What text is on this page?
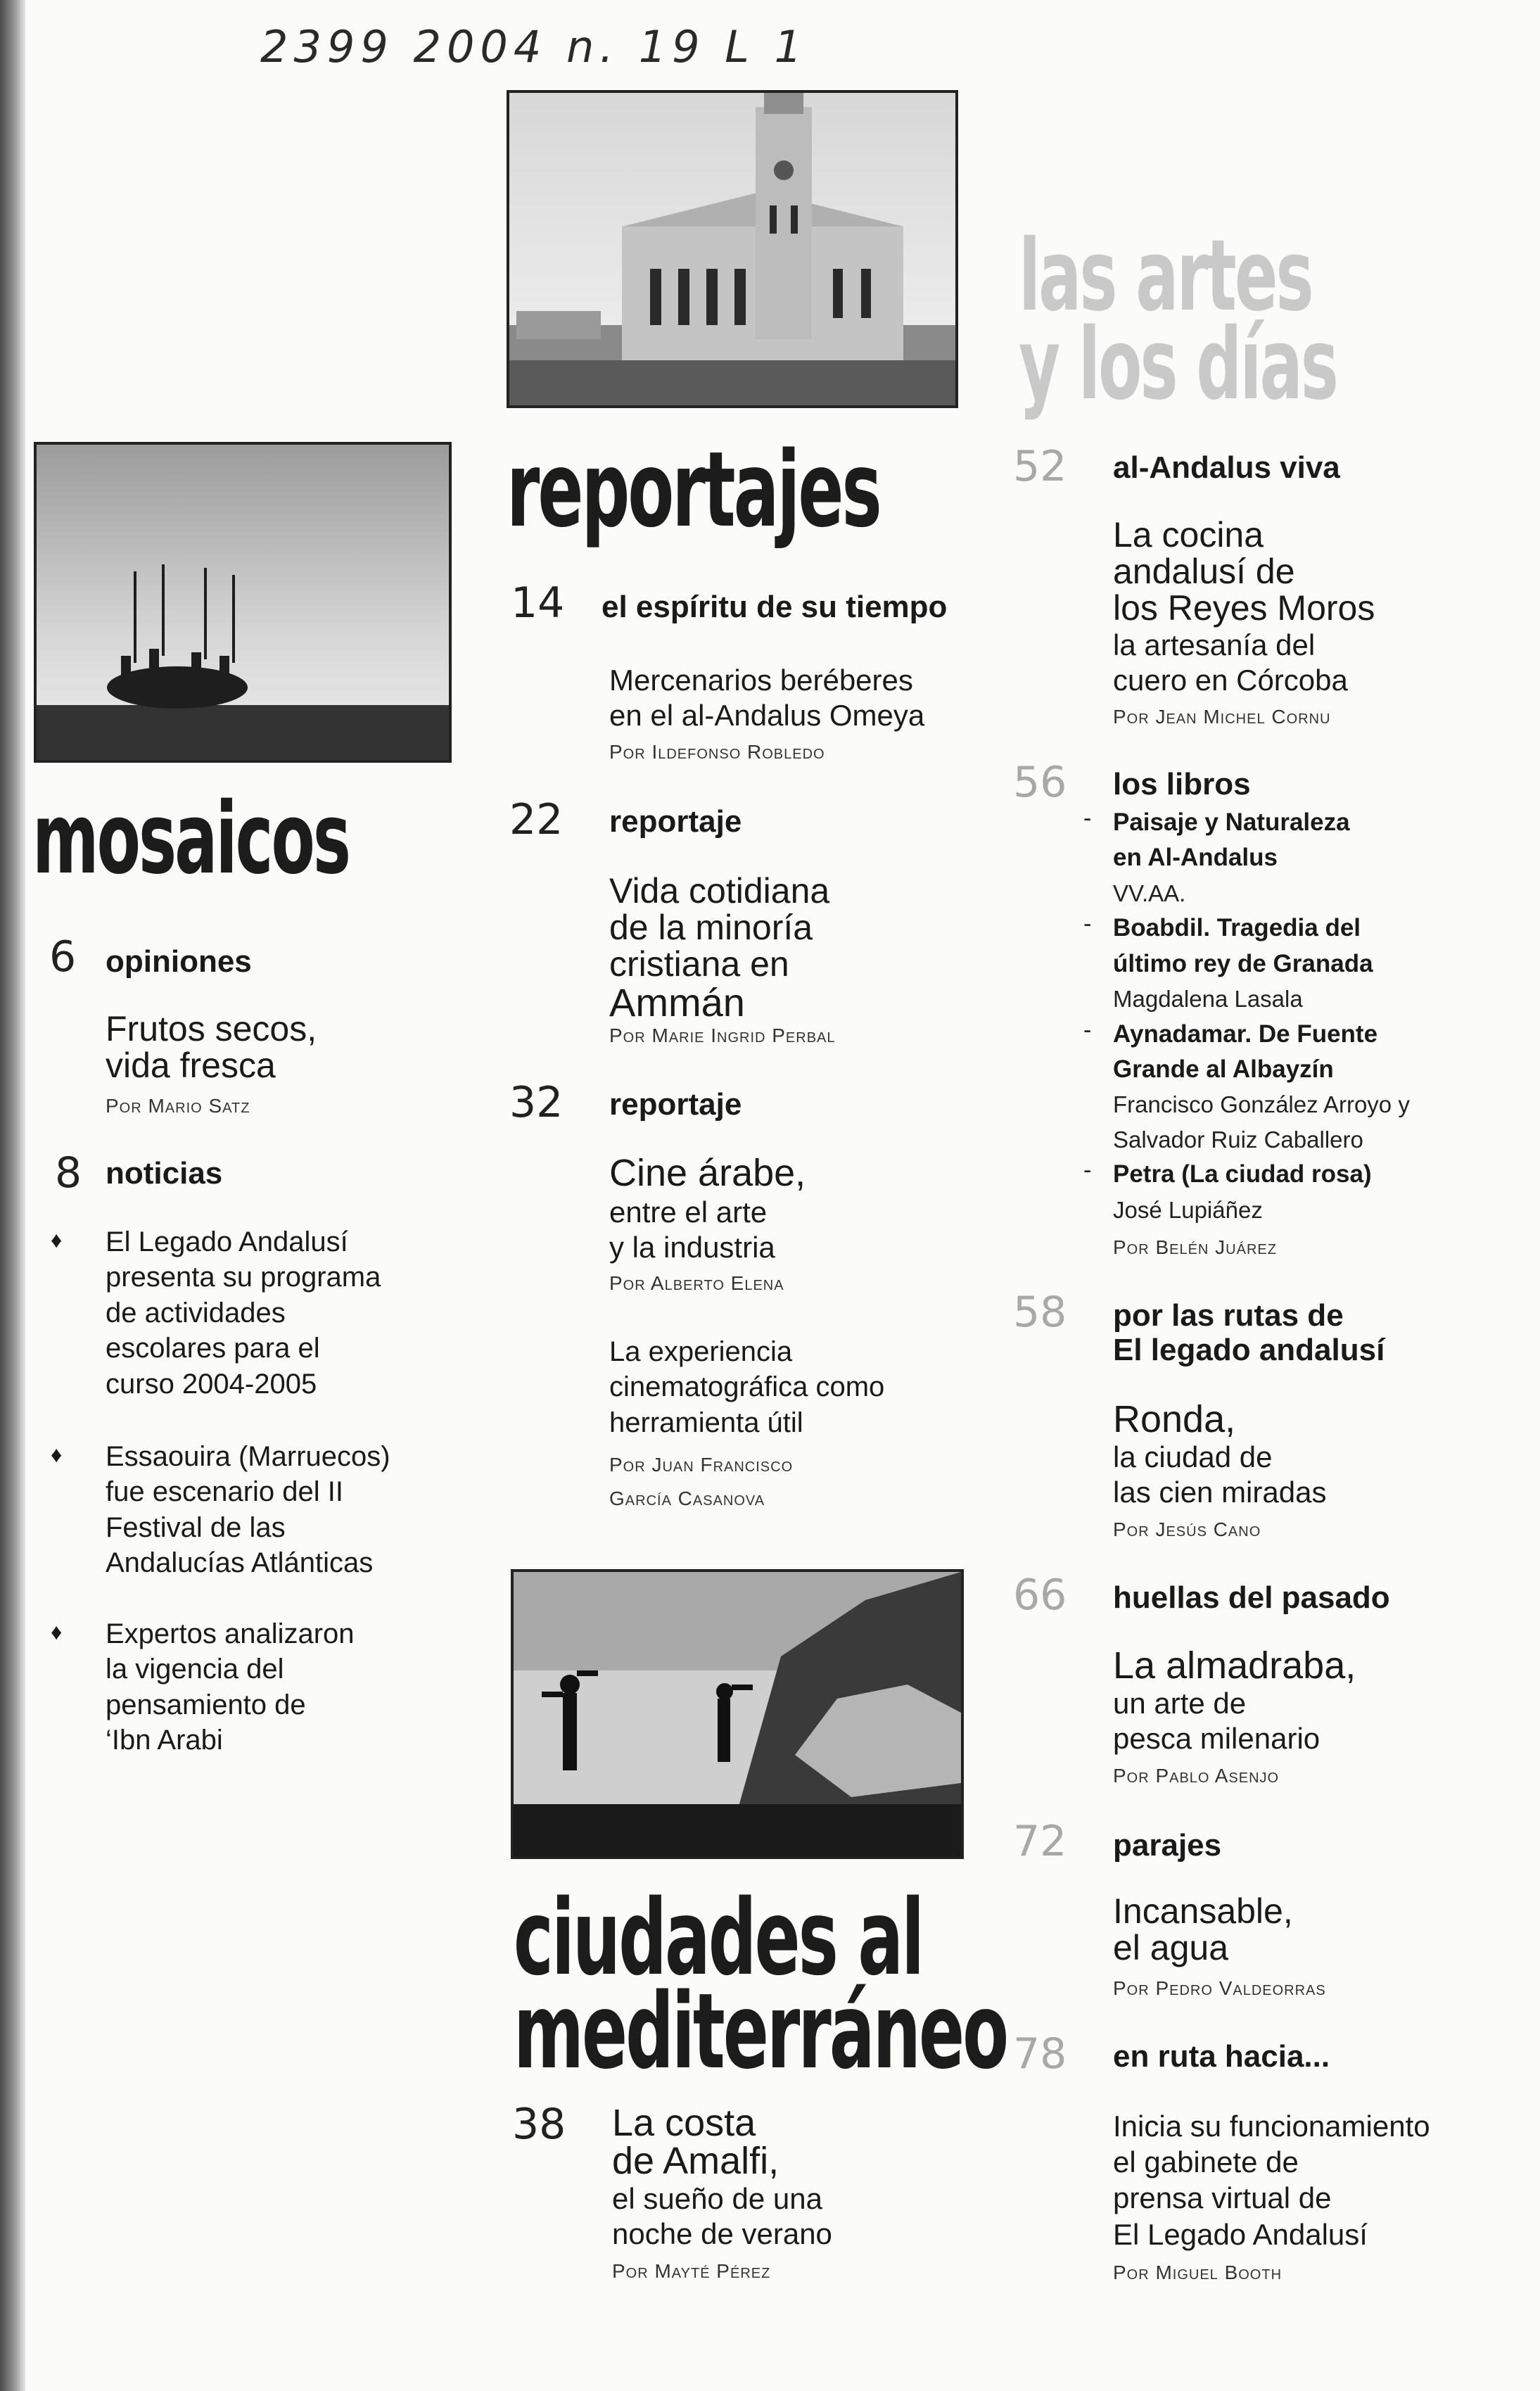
2399 2004 n. 19 L 1
reportajes
mosaicos
las artes
y los días
ciudades al
mediterráneo
6 opiniones
Frutos secos,
vida fresca
Por Mario Satz
8 noticias
♦ El Legado Andalusí
presenta su programa
de actividades
escolares para el
curso 2004-2005
♦ Essaouira (Marruecos)
fue escenario del II
Festival de las
Andalucías Atlánticas
♦ Expertos analizaron
la vigencia del
pensamiento de
‘Ibn Arabi
14 el espíritu de su tiempo
Mercenarios beréberes
en el al-Andalus Omeya
Por Ildefonso Robledo
22 reportaje
Vida cotidiana
de la minoría
cristiana en
Ammán
Por Marie Ingrid Perbal
32 reportaje
Cine árabe,
entre el arte
y la industria
Por Alberto Elena
La experiencia
cinematográfica como
herramienta útil
Por Juan Francisco
García Casanova
38 La costa
de Amalfi,
el sueño de una
noche de verano
Por Mayté Pérez
52 al-Andalus viva
La cocina
andalusí de
los Reyes Moros
la artesanía del
cuero en Córcoba
Por Jean Michel Cornu
56 los libros
- Paisaje y Naturaleza
en Al-Andalus
VV.AA.
- Boabdil. Tragedia del
último rey de Granada
Magdalena Lasala
- Aynadamar. De Fuente
Grande al Albayzín
Francisco González Arroyo y
Salvador Ruiz Caballero
- Petra (La ciudad rosa)
José Lupiáñez
Por Belén Juárez
58 por las rutas de
El legado andalusí
Ronda,
la ciudad de
las cien miradas
Por Jesús Cano
66 huellas del pasado
La almadraba,
un arte de
pesca milenario
Por Pablo Asenjo
72 parajes
Incansable,
el agua
Por Pedro Valdeorras
78 en ruta hacia...
Inicia su funcionamiento
el gabinete de
prensa virtual de
El Legado Andalusí
Por Miguel Booth
